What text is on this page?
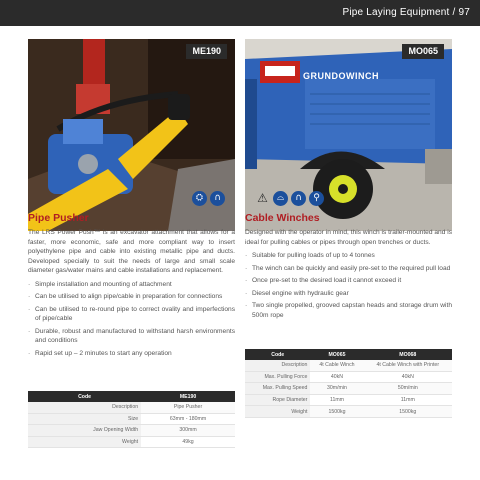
Pipe Laying Equipment / 97
ME190
⛭	∩
MO065
GRUNDOWINCH
⚠	⌓	∩	⚲
Pipe Pusher

The LRS Power Push™ is an excavator attachment that allows for a faster, more economic, safe and more compliant way to insert polyethylene pipe and cable into existing metallic pipe and ducts. Developed specially to suit the needs of large and small scale diameter gas/water mains and cable installations and replacement.

· Simple installation and mounting of attachment
· Can be utilised to align pipe/cable in preparation for connections
· Can be utilised to re-round pipe to correct ovality and imperfections of pipe/cable
· Durable, robust and manufactured to withstand harsh environments and conditions
· Rapid set up – 2 minutes to start any operation
Code	ME190
Description	Pipe Pusher
Size	63mm - 180mm
Jaw Opening Width	300mm
Weight	49kg
Cable Winches

Designed with the operator in mind, this winch is trailer-mounted and is ideal for pulling cables or pipes through open trenches or ducts.

· Suitable for pulling loads of up to 4 tonnes
· The winch can be quickly and easily pre-set to the required pull load
· Once pre-set to the desired load it cannot exceed it
· Diesel engine with hydraulic gear
· Two single propelled, grooved capstan heads and storage drum with 500m rope
Code	MO065	MO068
Description	4t Cable Winch	4t Cable Winch with Printer
Max. Pulling Force	40kN	40kN
Max. Pulling Speed	30m/min	50m/min
Rope Diameter	11mm	11mm
Weight	1500kg	1500kg
